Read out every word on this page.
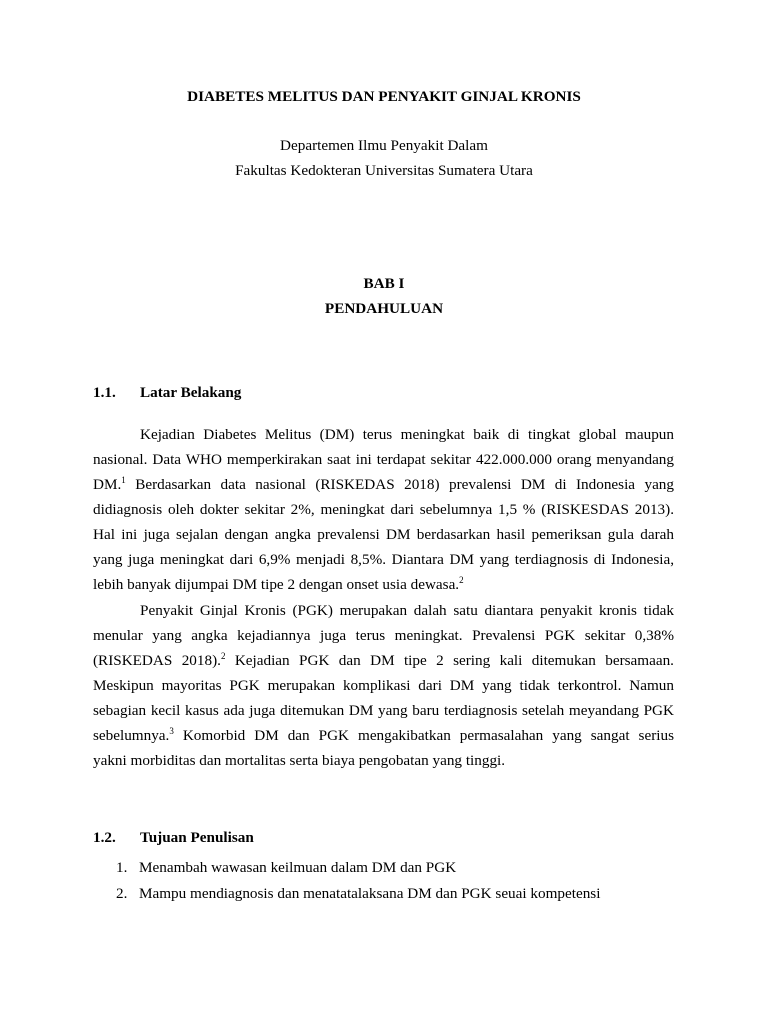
DIABETES MELITUS DAN PENYAKIT GINJAL KRONIS
Departemen Ilmu Penyakit Dalam
Fakultas Kedokteran Universitas Sumatera Utara
BAB I
PENDAHULUAN
1.1. Latar Belakang
Kejadian Diabetes Melitus (DM) terus meningkat baik di tingkat global maupun
nasional. Data WHO memperkirakan saat ini terdapat sekitar 422.000.000 orang menyandang
DM.$^1$ Berdasarkan data nasional (RISKEDAS 2018) prevalensi DM di Indonesia yang
didiagnosis oleh dokter sekitar 2%, meningkat dari sebelumnya 1,5 % (RISKESDAS 2013).
Hal ini juga sejalan dengan angka prevalensi DM berdasarkan hasil pemeriksan gula darah
yang juga meningkat dari 6,9% menjadi 8,5%. Diantara DM yang terdiagnosis di Indonesia,
lebih banyak dijumpai DM tipe 2 dengan onset usia dewasa.$^2$
Penyakit Ginjal Kronis (PGK) merupakan dalah satu diantara penyakit kronis tidak
menular yang angka kejadiannya juga terus meningkat. Prevalensi PGK sekitar 0,38%
(RISKEDAS 2018).$^2$ Kejadian PGK dan DM tipe 2 sering kali ditemukan bersamaan.
Meskipun mayoritas PGK merupakan komplikasi dari DM yang tidak terkontrol. Namun
sebagian kecil kasus ada juga ditemukan DM yang baru terdiagnosis setelah meyandang PGK
sebelumnya.$^3$ Komorbid DM dan PGK mengakibatkan permasalahan yang sangat serius
yakni morbiditas dan mortalitas serta biaya pengobatan yang tinggi.
1.2. Tujuan Penulisan
1. Menambah wawasan keilmuan dalam DM dan PGK
2. Mampu mendiagnosis dan menatatalaksana DM dan PGK seuai kompetensi
